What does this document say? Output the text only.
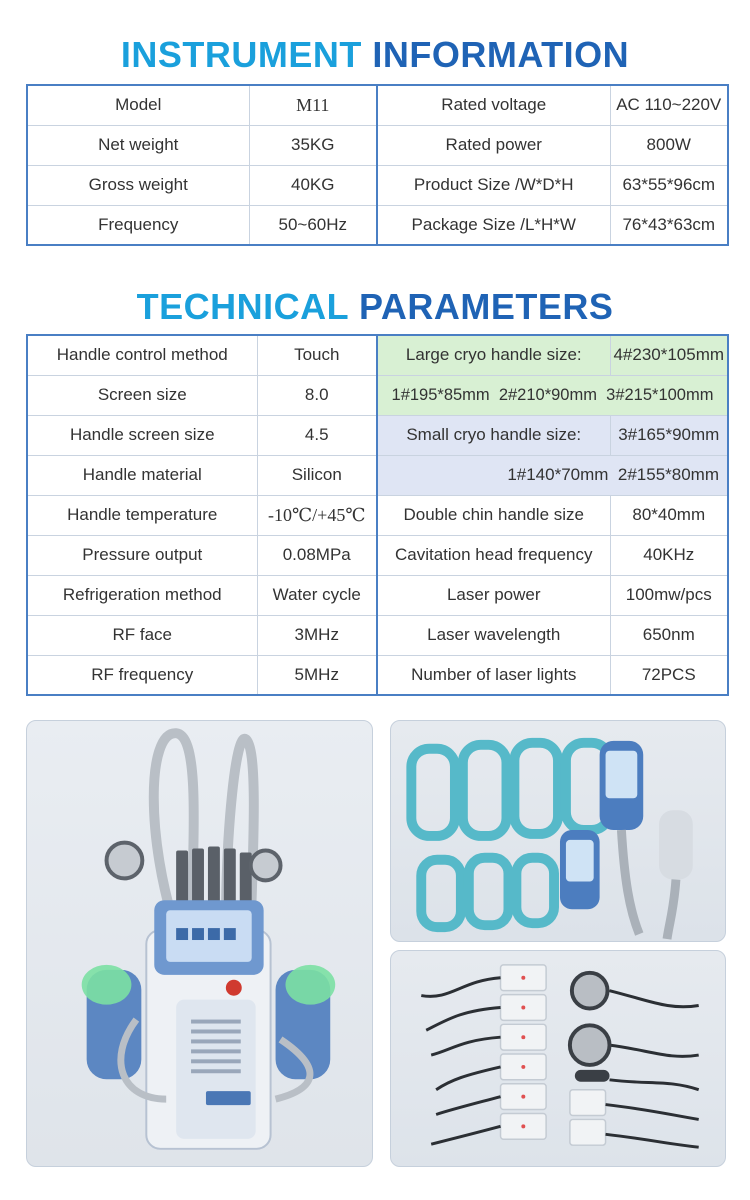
INSTRUMENT INFORMATION
Model	M11	Rated voltage	AC 110~220V
Net weight	35KG	Rated power	800W
Gross weight	40KG	Product Size /W*D*H	63*55*96cm
Frequency	50~60Hz	Package Size /L*H*W	76*43*63cm
TECHNICAL PARAMETERS
Handle control method	Touch	Large cryo handle size:	4#230*105mm
Screen size	8.0	1#195*85mm  2#210*90mm  3#215*100mm	
Handle screen size	4.5	Small cryo handle size:	3#165*90mm
Handle material	Silicon	1#140*70mm  2#155*80mm	
Handle temperature	-10℃/+45℃	Double chin handle size	80*40mm
Pressure output	0.08MPa	Cavitation head frequency	40KHz
Refrigeration method	Water cycle	Laser power	100mw/pcs
RF face	3MHz	Laser wavelength	650nm
RF frequency	5MHz	Number of laser lights	72PCS
